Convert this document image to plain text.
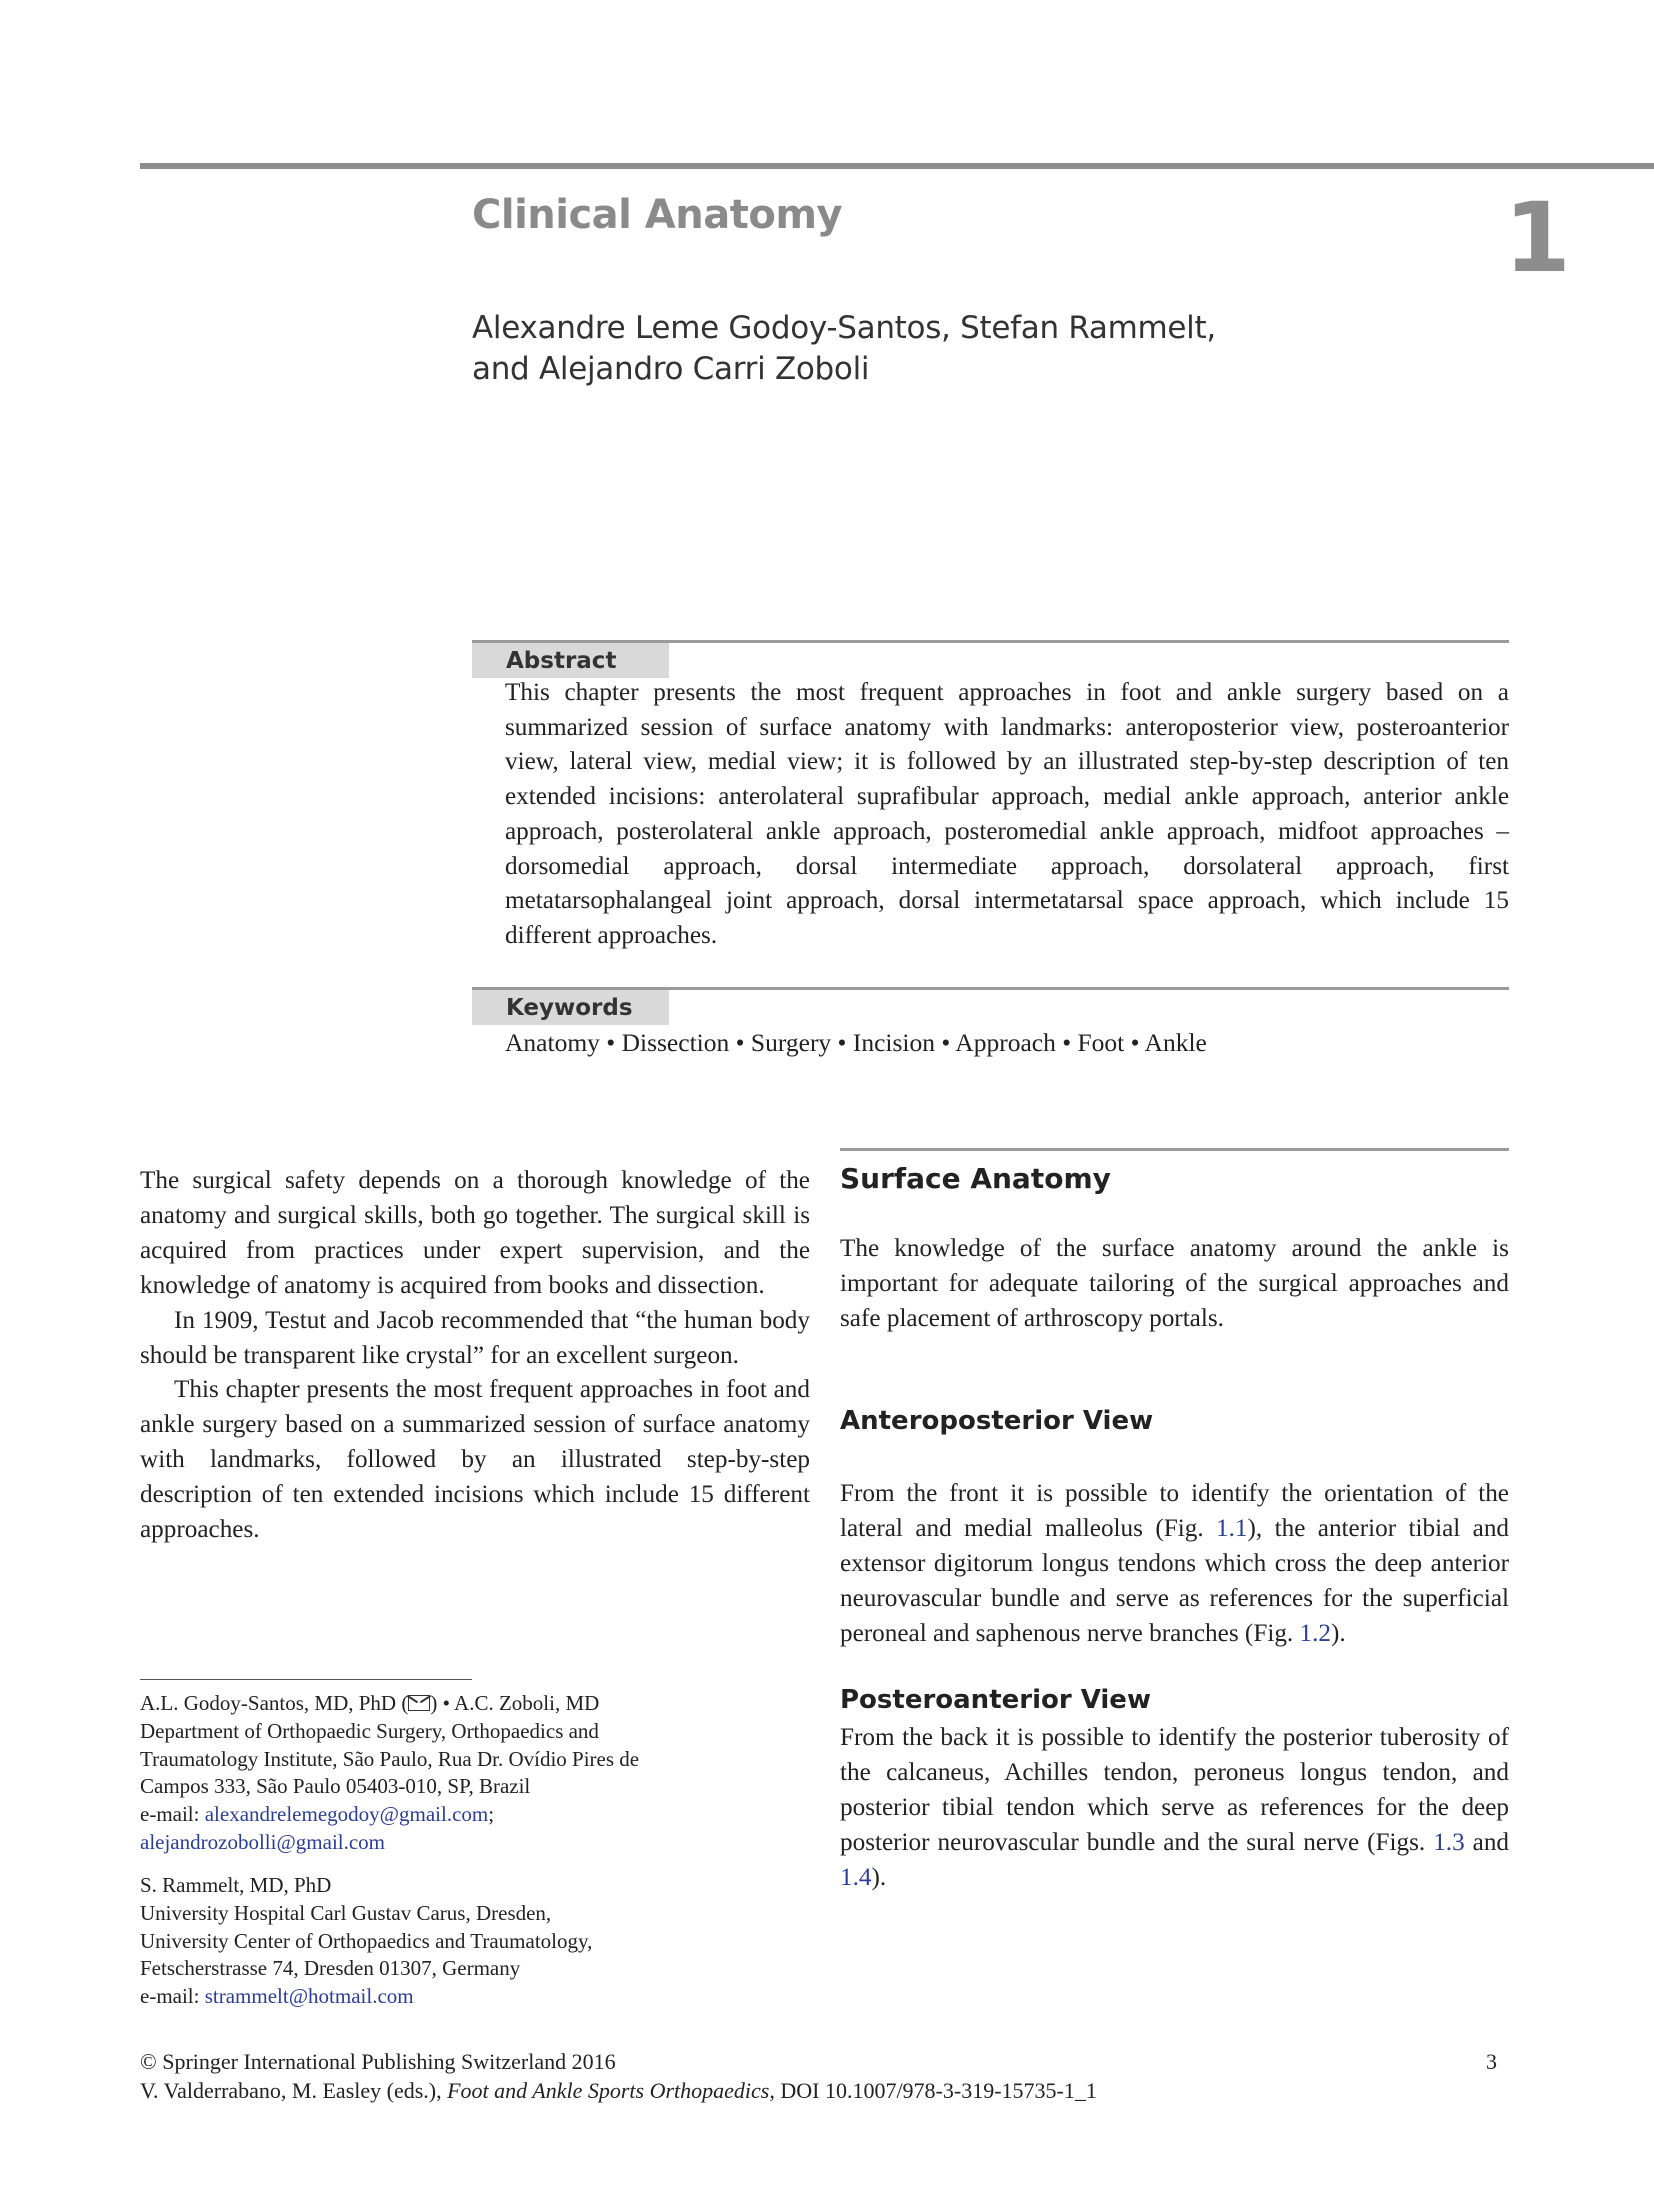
Clinical Anatomy	1
Alexandre Leme Godoy-Santos, Stefan Rammelt,
and Alejandro Carri Zoboli
Abstract
This chapter presents the most frequent approaches in foot and ankle surgery based on a summarized session of surface anatomy with landmarks: anteroposterior view, posteroanterior view, lateral view, medial view; it is followed by an illustrated step-by-step description of ten extended incisions: anterolateral suprafibular approach, medial ankle approach, anterior ankle approach, posterolateral ankle approach, posteromedial ankle approach, midfoot approaches – dorsomedial approach, dorsal intermediate approach, dorsolateral approach, first metatarsophalangeal joint approach, dorsal intermetatarsal space approach, which include 15 different approaches.
Keywords
Anatomy • Dissection • Surgery • Incision • Approach • Foot • Ankle

The surgical safety depends on a thorough knowledge of the anatomy and surgical skills, both go together. The surgical skill is acquired from practices under expert supervision, and the knowledge of anatomy is acquired from books and dissection.

In 1909, Testut and Jacob recommended that “the human body should be transparent like crystal” for an excellent surgeon.

This chapter presents the most frequent approaches in foot and ankle surgery based on a summarized session of surface anatomy with landmarks, followed by an illustrated step-by-step description of ten extended incisions which include 15 different approaches.

Surface Anatomy

The knowledge of the surface anatomy around the ankle is important for adequate tailoring of the surgical approaches and safe placement of arthroscopy portals.

Anteroposterior View

From the front it is possible to identify the orientation of the lateral and medial malleolus (Fig. 1.1), the anterior tibial and extensor digitorum longus tendons which cross the deep anterior neurovascular bundle and serve as references for the superficial peroneal and saphenous nerve branches (Fig. 1.2).

Posteroanterior View

From the back it is possible to identify the posterior tuberosity of the calcaneus, Achilles tendon, peroneus longus tendon, and posterior tibial tendon which serve as references for the deep posterior neurovascular bundle and the sural nerve (Figs. 1.3 and 1.4).

A.L. Godoy-Santos, MD, PhD ( ) • A.C. Zoboli, MD
Department of Orthopaedic Surgery, Orthopaedics and
Traumatology Institute, São Paulo, Rua Dr. Ovídio Pires de
Campos 333, São Paulo 05403-010, SP, Brazil
e-mail: alexandrelemegodoy@gmail.com;
alejandrozobolli@gmail.com
S. Rammelt, MD, PhD
University Hospital Carl Gustav Carus, Dresden,
University Center of Orthopaedics and Traumatology,
Fetscherstrasse 74, Dresden 01307, Germany
e-mail: strammelt@hotmail.com
© Springer International Publishing Switzerland 2016
V. Valderrabano, M. Easley (eds.), Foot and Ankle Sports Orthopaedics, DOI 10.1007/978-3-319-15735-1_1
3
